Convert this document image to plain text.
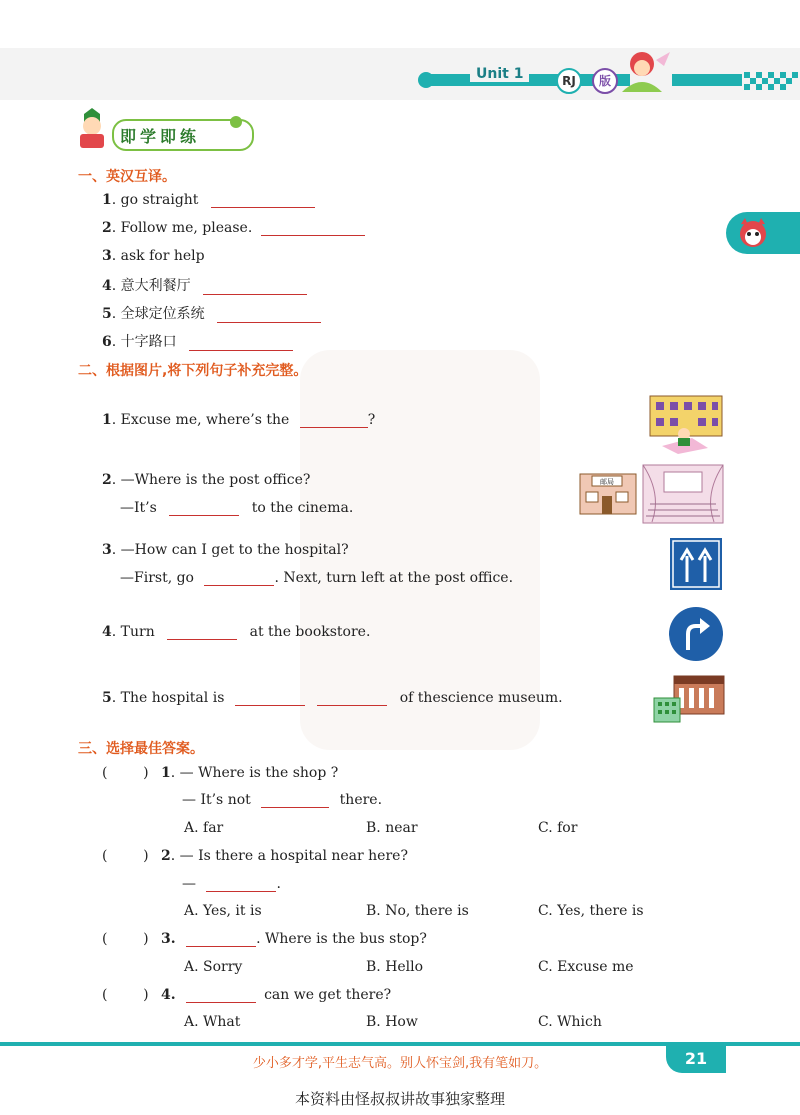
Unit 1	RJ	版
即学即练
一、英汉互译。
1. go straight
2. Follow me, please.
3. ask for help
4. 意大利餐厅
5. 全球定位系统
6. 十字路口
二、根据图片,将下列句子补充完整。
1. Excuse me, where’s the	?
2. —Where is the post office?
—It’s	to the cinema.
邮局
3. —How can I get to the hospital?
—First, go	. Next, turn left at the post office.
4. Turn	at the bookstore.
5. The hospital is	of thescience museum.
三、选择最佳答案。
(        ) 1. — Where is the shop ?
— It’s not	there.
A. far	B. near	C. for
(        ) 2. — Is there a hospital near here?
—	.
A. Yes, it is	B. No, there is	C. Yes, there is
(        ) 3.	. Where is the bus stop?
A. Sorry	B. Hello	C. Excuse me
(        ) 4.	can we get there?
A. What	B. How	C. Which
少小多才学,平生志气高。别人怀宝剑,我有笔如刀。	21
本资料由怪叔叔讲故事独家整理
